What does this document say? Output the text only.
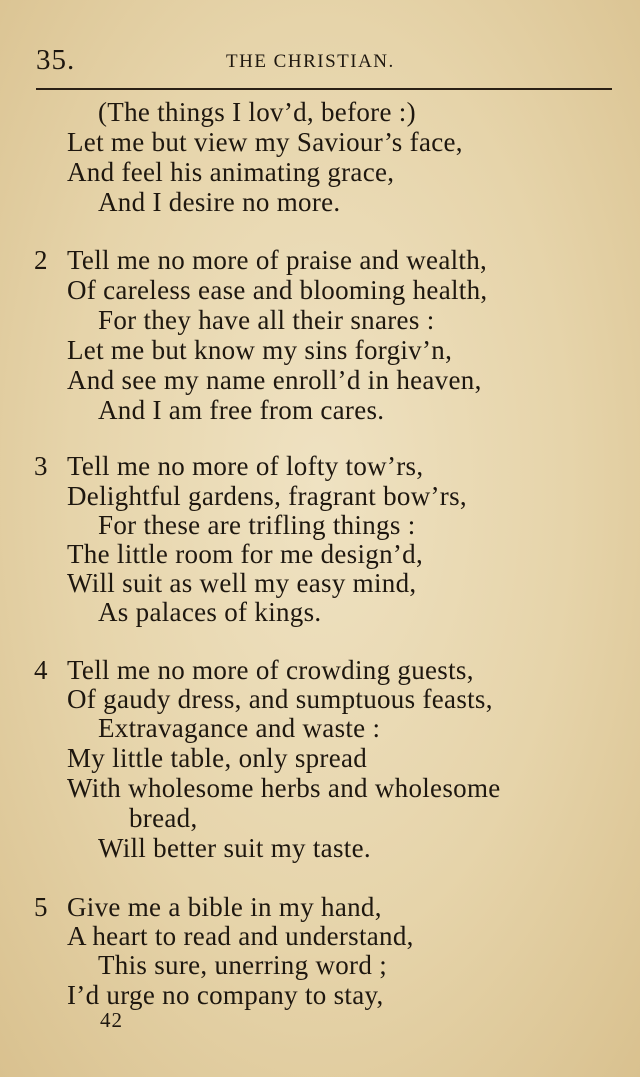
35.	THE CHRISTIAN.
(The things I lov’d, before :)
Let me but view my Saviour’s face,
And feel his animating grace,
And I desire no more.
2 Tell me no more of praise and wealth,
Of careless ease and blooming health,
For they have all their snares :
Let me but know my sins forgiv’n,
And see my name enroll’d in heaven,
And I am free from cares.
3 Tell me no more of lofty tow’rs,
Delightful gardens, fragrant bow’rs,
For these are trifling things :
The little room for me design’d,
Will suit as well my easy mind,
As palaces of kings.
4 Tell me no more of crowding guests,
Of gaudy dress, and sumptuous feasts,
Extravagance and waste :
My little table, only spread
With wholesome herbs and wholesome
bread,
Will better suit my taste.
5 Give me a bible in my hand,
A heart to read and understand,
This sure, unerring word ;
I’d urge no company to stay,
42
